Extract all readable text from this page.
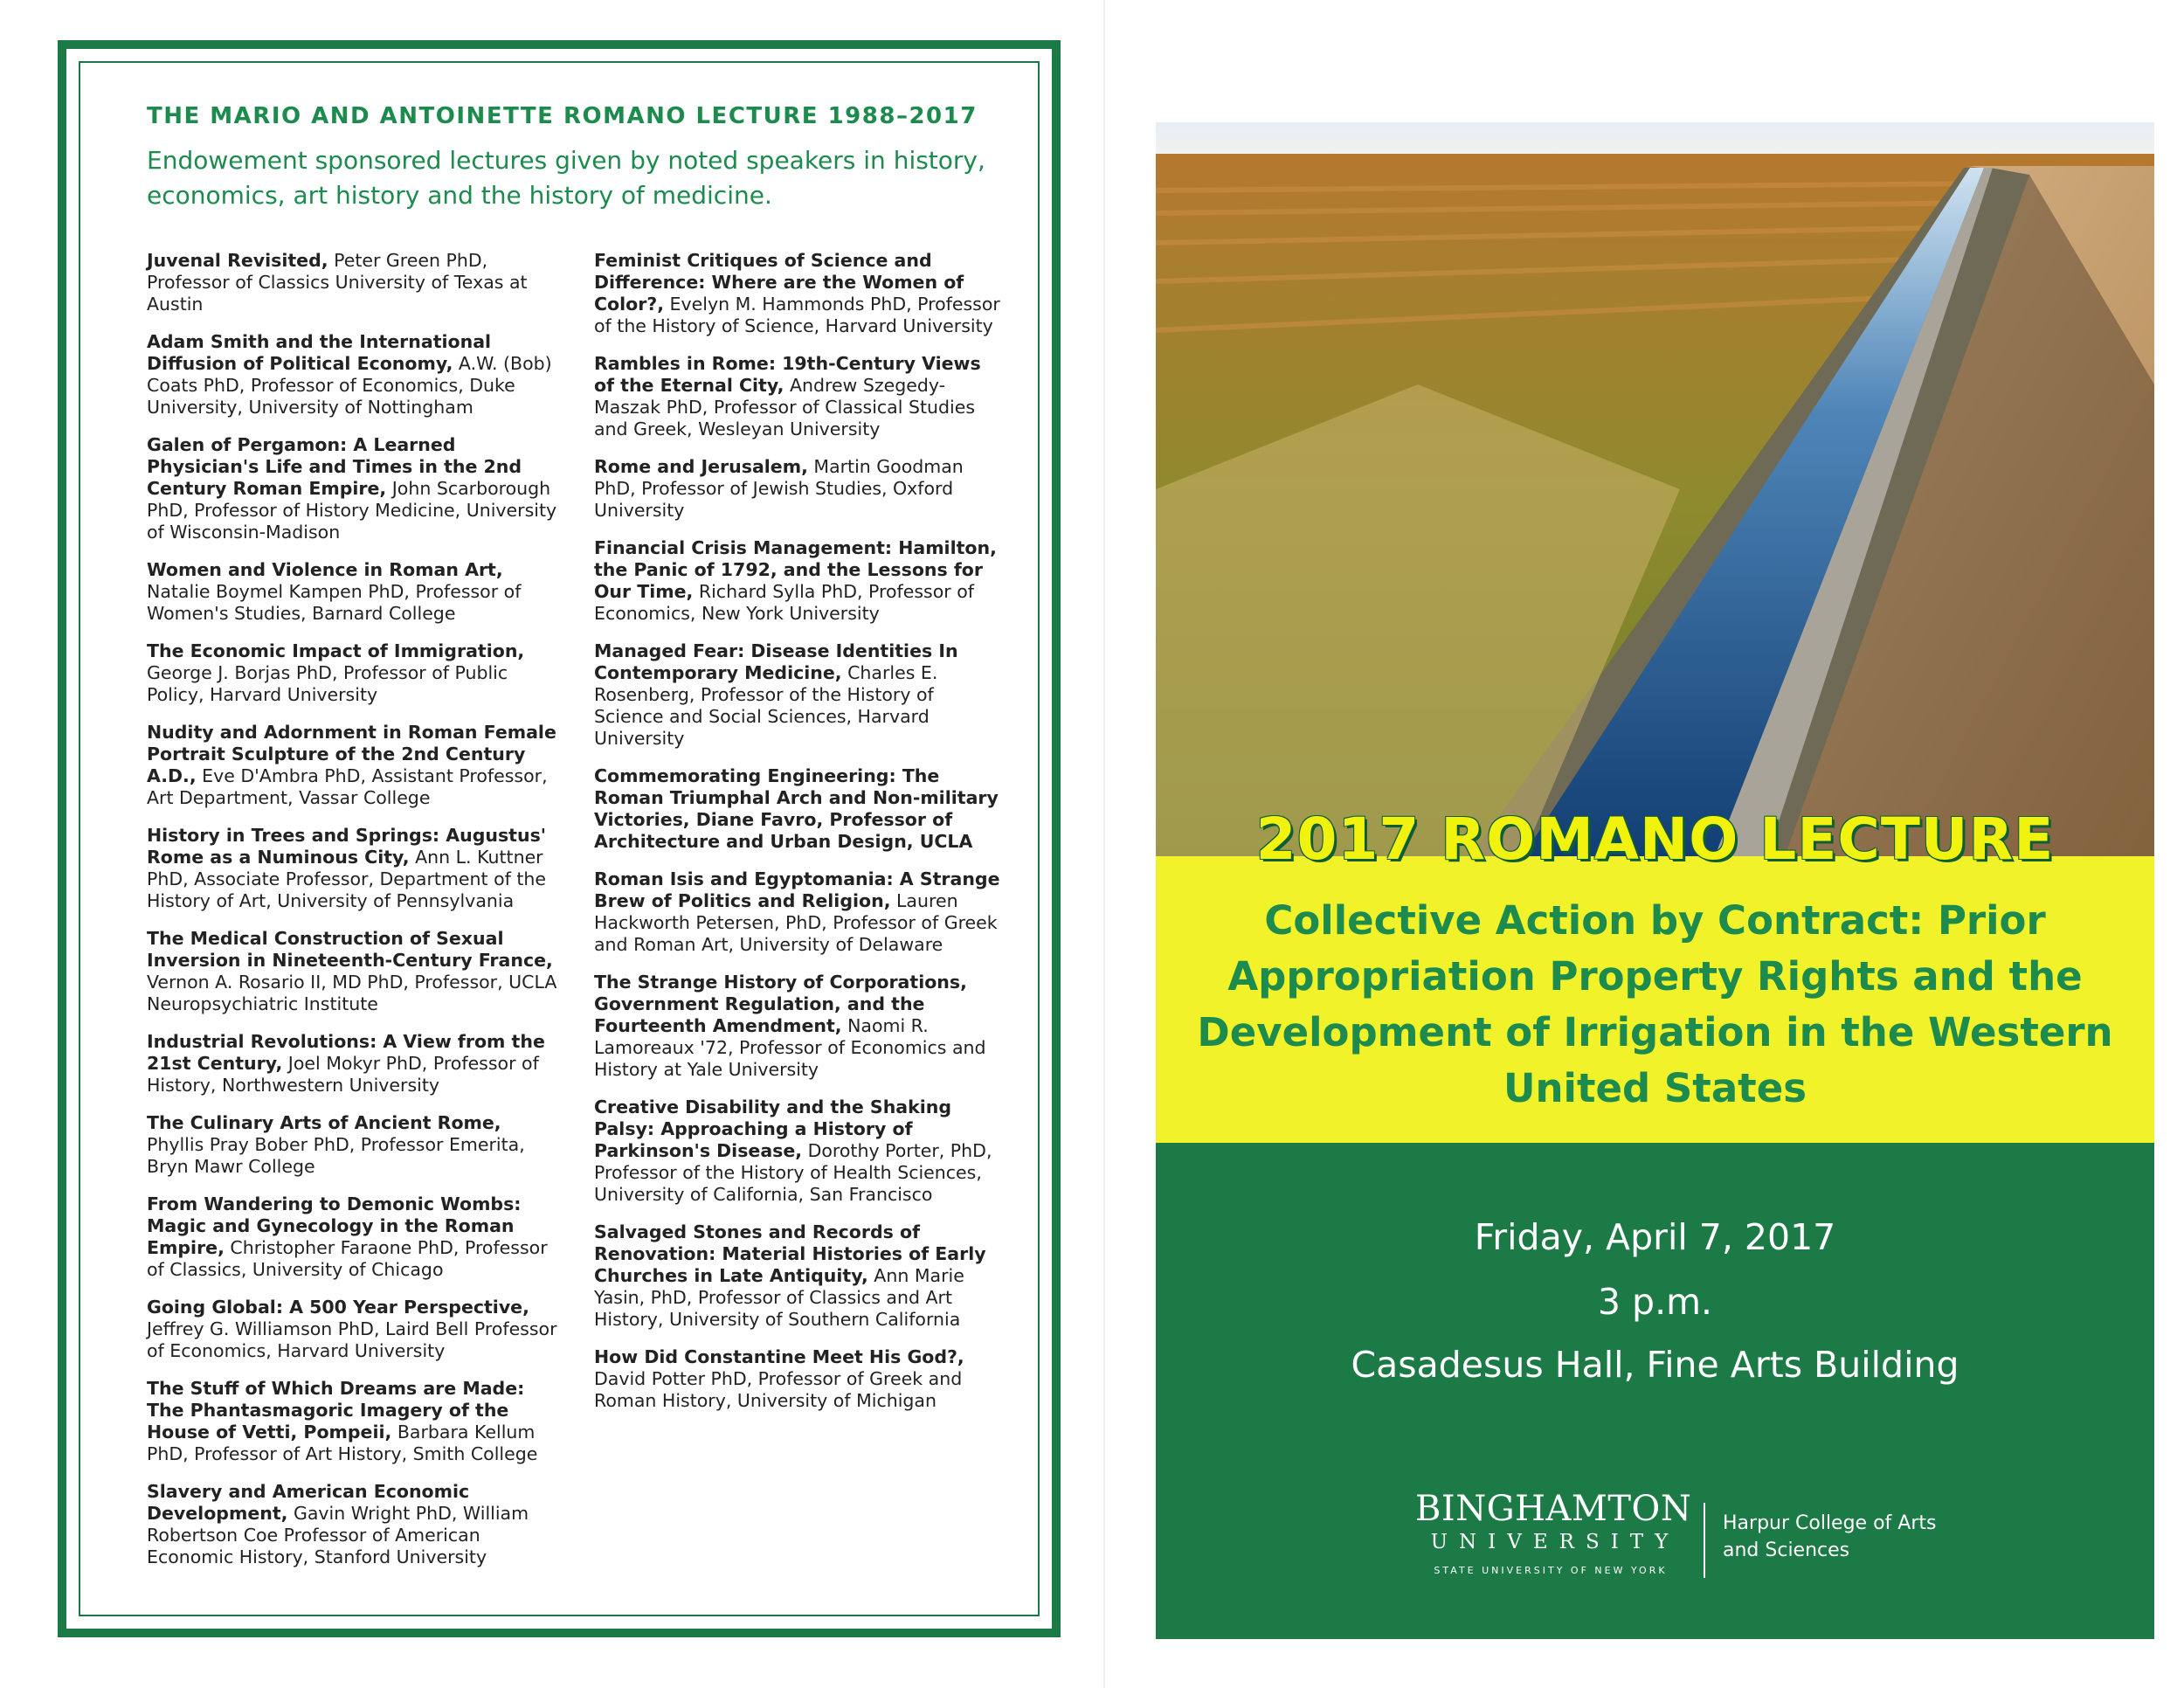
THE MARIO AND ANTOINETTE ROMANO LECTURE 1988–2017
Endowement sponsored lectures given by noted speakers in history, economics, art history and the history of medicine.
Juvenal Revisited, Peter Green PhD, Professor of Classics University of Texas at Austin
Adam Smith and the International Diffusion of Political Economy, A.W. (Bob) Coats PhD, Professor of Economics, Duke University, University of Nottingham
Galen of Pergamon: A Learned Physician's Life and Times in the 2nd Century Roman Empire, John Scarborough PhD, Professor of History Medicine, University of Wisconsin-Madison
Women and Violence in Roman Art, Natalie Boymel Kampen PhD, Professor of Women's Studies, Barnard College
The Economic Impact of Immigration, George J. Borjas PhD, Professor of Public Policy, Harvard University
Nudity and Adornment in Roman Female Portrait Sculpture of the 2nd Century A.D., Eve D'Ambra PhD, Assistant Professor, Art Department, Vassar College
History in Trees and Springs: Augustus' Rome as a Numinous City, Ann L. Kuttner PhD, Associate Professor, Department of the History of Art, University of Pennsylvania
The Medical Construction of Sexual Inversion in Nineteenth-Century France, Vernon A. Rosario II, MD PhD, Professor, UCLA Neuropsychiatric Institute
Industrial Revolutions: A View from the 21st Century, Joel Mokyr PhD, Professor of History, Northwestern University
The Culinary Arts of Ancient Rome, Phyllis Pray Bober PhD, Professor Emerita, Bryn Mawr College
From Wandering to Demonic Wombs: Magic and Gynecology in the Roman Empire, Christopher Faraone PhD, Professor of Classics, University of Chicago
Going Global: A 500 Year Perspective, Jeffrey G. Williamson PhD, Laird Bell Professor of Economics, Harvard University
The Stuff of Which Dreams are Made: The Phantasmagoric Imagery of the House of Vetti, Pompeii, Barbara Kellum PhD, Professor of Art History, Smith College
Slavery and American Economic Development, Gavin Wright PhD, William Robertson Coe Professor of American Economic History, Stanford University
Feminist Critiques of Science and Difference: Where are the Women of Color?, Evelyn M. Hammonds PhD, Professor of the History of Science, Harvard University
Rambles in Rome: 19th-Century Views of the Eternal City, Andrew Szegedy-Maszak PhD, Professor of Classical Studies and Greek, Wesleyan University
Rome and Jerusalem, Martin Goodman PhD, Professor of Jewish Studies, Oxford University
Financial Crisis Management: Hamilton, the Panic of 1792, and the Lessons for Our Time, Richard Sylla PhD, Professor of Economics, New York University
Managed Fear: Disease Identities In Contemporary Medicine, Charles E. Rosenberg, Professor of the History of Science and Social Sciences, Harvard University
Commemorating Engineering: The Roman Triumphal Arch and Non-military Victories, Diane Favro, Professor of Architecture and Urban Design, UCLA
Roman Isis and Egyptomania: A Strange Brew of Politics and Religion, Lauren Hackworth Petersen, PhD, Professor of Greek and Roman Art, University of Delaware
The Strange History of Corporations, Government Regulation, and the Fourteenth Amendment, Naomi R. Lamoreaux '72, Professor of Economics and History at Yale University
Creative Disability and the Shaking Palsy: Approaching a History of Parkinson's Disease, Dorothy Porter, PhD, Professor of the History of Health Sciences, University of California, San Francisco
Salvaged Stones and Records of Renovation: Material Histories of Early Churches in Late Antiquity, Ann Marie Yasin, PhD, Professor of Classics and Art History, University of Southern California
How Did Constantine Meet His God?, David Potter PhD, Professor of Greek and Roman History, University of Michigan
2017 ROMANO LECTURE
Collective Action by Contract: Prior Appropriation Property Rights and the Development of Irrigation in the Western United States
Friday, April 7, 2017
3 p.m.
Casadesus Hall, Fine Arts Building
BINGHAMTON
UNIVERSITY
STATE UNIVERSITY OF NEW YORK
Harpur College of Arts and Sciences
